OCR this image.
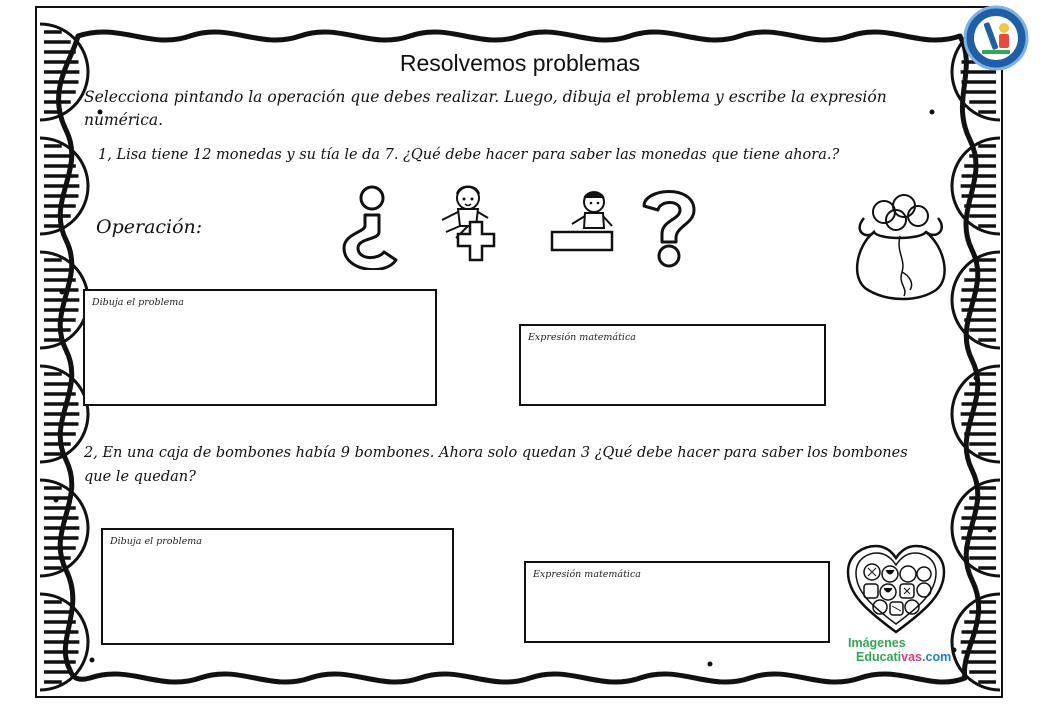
Resolvemos problemas
Selecciona pintando la operación que debes realizar. Luego, dibuja el problema y escribe la expresión numérica.
1, Lisa tiene 12 monedas y su tía le da 7. ¿Qué debe hacer para saber las monedas que tiene ahora.?
Operación:
Dibuja el problema
Expresión matemática
2, En una caja de bombones había 9 bombones. Ahora solo quedan 3 ¿Qué debe hacer para saber los bombones que le quedan?
Dibuja el problema
Expresión matemática
Imágenes
Educativas.com
